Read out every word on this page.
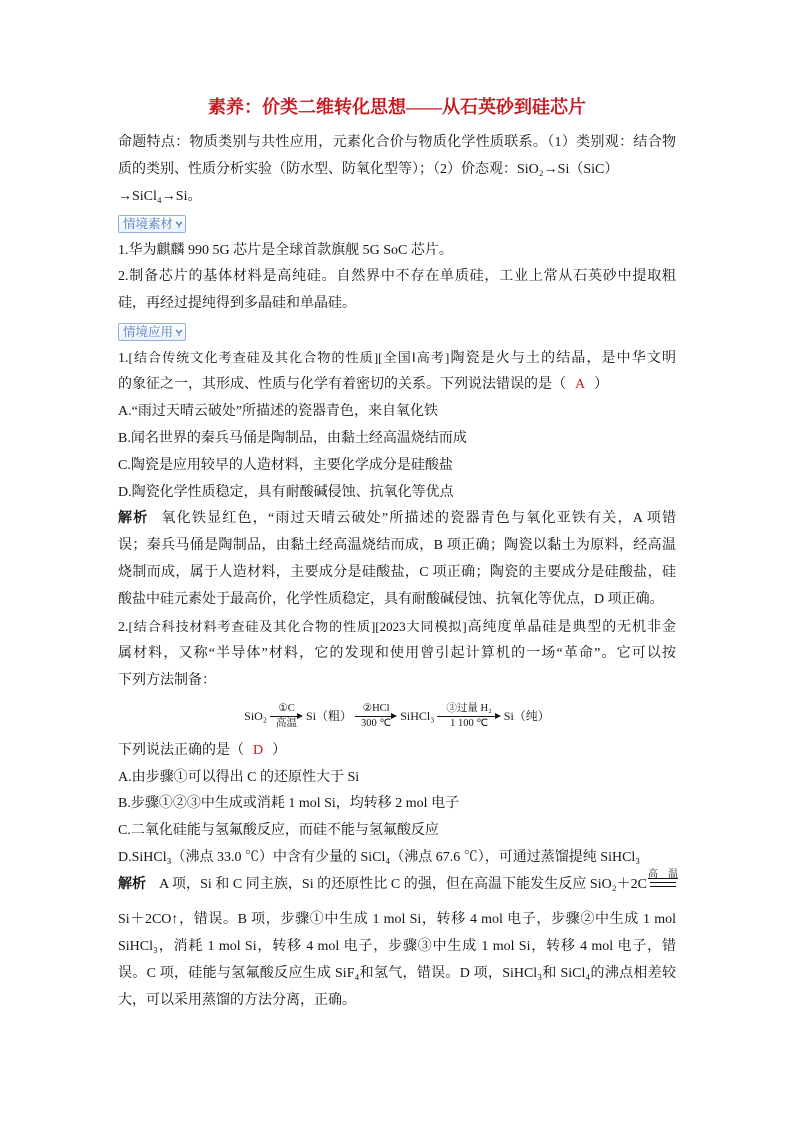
素养：价类二维转化思想——从石英砂到硅芯片
命题特点：物质类别与共性应用，元素化合价与物质化学性质联系。（1）类别观：结合物
质的类别、性质分析实验（防水型、防氧化型等）；（2）价态观：SiO₂→Si（SiC）
→SiCl₄→Si。
情境素材
1.华为麒麟 990 5G 芯片是全球首款旗舰 5G SoC 芯片。
2.制备芯片的基体材料是高纯硅。自然界中不存在单质硅，工业上常从石英砂中提取粗
硅，再经过提纯得到多晶硅和单晶硅。
情境应用
1.[结合传统文化考查硅及其化合物的性质][全国Ⅰ高考]陶瓷是火与土的结晶，是中华文明
的象征之一，其形成、性质与化学有着密切的关系。下列说法错误的是（ A ）
A.“雨过天晴云破处”所描述的瓷器青色，来自氧化铁
B.闻名世界的秦兵马俑是陶制品，由黏土经高温烧结而成
C.陶瓷是应用较早的人造材料，主要化学成分是硅酸盐
D.陶瓷化学性质稳定，具有耐酸碱侵蚀、抗氧化等优点
解析 氧化铁显红色，“雨过天晴云破处”所描述的瓷器青色与氧化亚铁有关，A 项错
误；秦兵马俑是陶制品，由黏土经高温烧结而成，B 项正确；陶瓷以黏土为原料，经高温
烧制而成，属于人造材料，主要成分是硅酸盐，C 项正确；陶瓷的主要成分是硅酸盐，硅
酸盐中硅元素处于最高价，化学性质稳定，具有耐酸碱侵蚀、抗氧化等优点，D 项正确。
2.[结合科技材料考查硅及其化合物的性质][2023大同模拟]高纯度单晶硅是典型的无机非金
属材料，又称“半导体”材料，它的发现和使用曾引起计算机的一场“革命”。它可以按
下列方法制备：
SiO₂
①C
高温 Si（粗）
②HCl
300 ℃ SiHCl₃
③过量 H₂
1 100 ℃	Si（纯）
下列说法正确的是（ D ）
A.由步骤①可以得出 C 的还原性大于 Si
B.步骤①②③中生成或消耗 1 mol Si，均转移 2 mol 电子
C.二氧化硅能与氢氟酸反应，而硅不能与氢氟酸反应
D.SiHCl₃（沸点 33.0 ℃）中含有少量的 SiCl₄（沸点 67.6 ℃），可通过蒸馏提纯 SiHCl₃
解析 A 项，Si 和 C 同主族，Si 的还原性比 C 的强，但在高温下能发生反应 SiO₂＋2C
高温
Si＋2CO↑，错误。B 项，步骤①中生成 1 mol Si，转移 4 mol 电子，步骤②中生成 1 mol
SiHCl₃，消耗 1 mol Si，转移 4 mol 电子，步骤③中生成 1 mol Si，转移 4 mol 电子，错
误。C 项，硅能与氢氟酸反应生成 SiF₄和氢气，错误。D 项，SiHCl₃和 SiCl₄的沸点相差较
大，可以采用蒸馏的方法分离，正确。
